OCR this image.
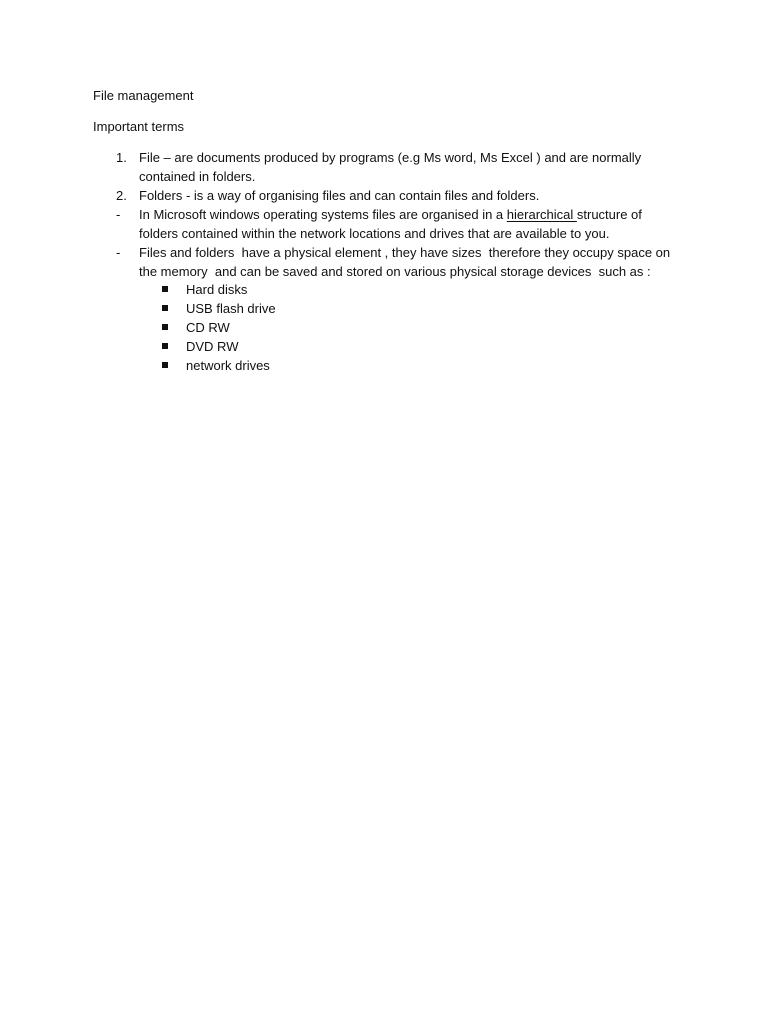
File management
Important terms
1. File – are documents produced by programs (e.g Ms word, Ms Excel ) and are normally
contained in folders.
2. Folders - is a way of organising files and can contain files and folders.
-	In Microsoft windows operating systems files are organised in a hierarchical structure of
folders contained within the network locations and drives that are available to you.
-	Files and folders  have a physical element , they have sizes  therefore they occupy space on
the memory  and can be saved and stored on various physical storage devices  such as :
Hard disks
USB flash drive
CD RW
DVD RW
network drives
